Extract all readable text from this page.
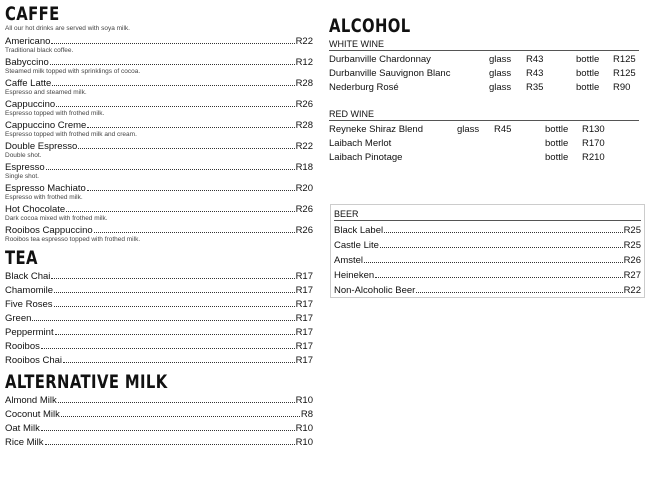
CAFFE
All our hot drinks are served with soya milk.
Americano	R22
Traditional black coffee.
Babyccino	R12
Steamed milk topped with sprinklings of cocoa.
Caffe Latte	R28
Espresso and steamed milk.
Cappuccino	R26
Espresso topped with frothed milk.
Cappuccino Creme	R28
Espresso topped with frothed milk and cream.
Double Espresso	R22
Double shot.
Espresso	R18
Single shot.
Espresso Machiato	R20
Espresso with frothed milk.
Hot Chocolate	R26
Dark cocoa mixed with frothed milk.
Rooibos Cappuccino	R26
Rooibos tea espresso topped with frothed milk.
TEA
Black Chai	R17
Chamomile	R17
Five Roses	R17
Green	R17
Peppermint	R17
Rooibos	R17
Rooibos Chai	R17
ALTERNATIVE MILK
Almond Milk	R10
Coconut Milk	R8
Oat Milk	R10
Rice Milk	R10
ALCOHOL
WHITE WINE
Durbanville Chardonnay	glass	R43	bottle	R125
Durbanville Sauvignon Blanc	glass	R43	bottle	R125
Nederburg Rosé	glass	R35	bottle	R90
RED WINE
Reyneke Shiraz Blend	glass	R45	bottle	R130
Laibach Merlot	bottle	R170
Laibach Pinotage	bottle	R210
BEER
Black Label	R25
Castle Lite	R25
Amstel	R26
Heineken	R27
Non-Alcoholic Beer	R22
